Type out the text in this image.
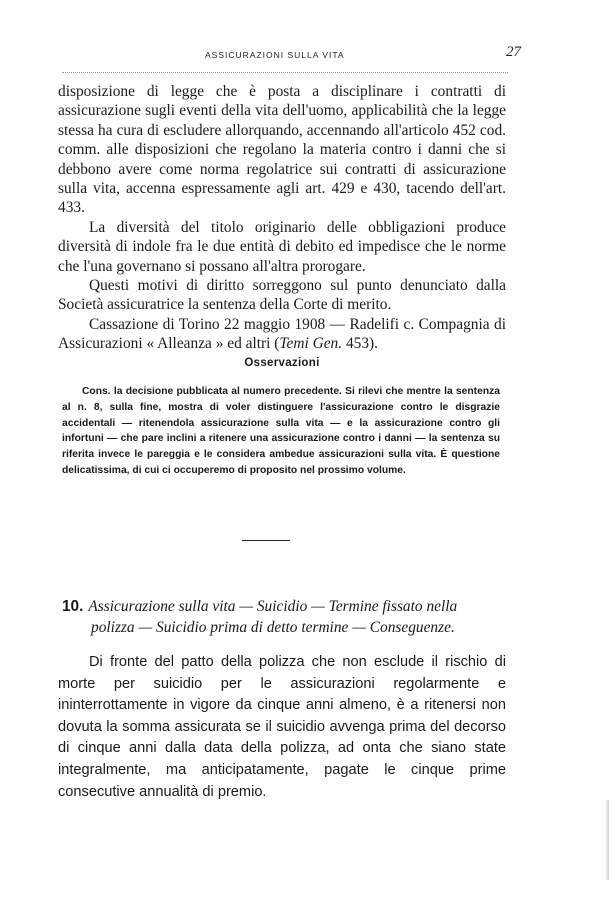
ASSICURAZIONI SULLA VITA	27

disposizione di legge che è posta a disciplinare i contratti di assicurazione sugli eventi della vita dell'uomo, applicabilità che la legge stessa ha cura di escludere allorquando, accennando all'articolo 452 cod. comm. alle disposizioni che regolano la materia contro i danni che si debbono avere come norma regolatrice sui contratti di assicurazione sulla vita, accenna espressamente agli art. 429 e 430, tacendo dell'art. 433.

La diversità del titolo originario delle obbligazioni produce diversità di indole fra le due entità di debito ed impedisce che le norme che l'una governano si possano all'altra prorogare.

Questi motivi di diritto sorreggono sul punto denunciato dalla Società assicuratrice la sentenza della Corte di merito.

Cassazione di Torino 22 maggio 1908 — Radelifi c. Compagnia di Assicurazioni « Alleanza » ed altri (Temi Gen. 453).

Osservazioni
Cons. la decisione pubblicata al numero precedente. Si rilevi che mentre la sentenza al n. 8, sulla fine, mostra di voler distinguere l'assicurazione contro le disgrazie accidentali — ritenendola assicurazione sulla vita — e la assicurazione contro gli infortuni — che pare inclini a ritenere una assicurazione contro i danni — la sentenza su riferita invece le pareggia e le considera ambedue assicurazioni sulla vita. È questione delicatissima, di cui ci occuperemo di proposito nel prossimo volume.
10. Assicurazione sulla vita — Suicidio — Termine fissato nella
polizza — Suicidio prima di detto termine — Conseguenze.
Di fronte del patto della polizza che non esclude il rischio di morte per suicidio per le assicurazioni regolarmente e ininterrottamente in vigore da cinque anni almeno, è a ritenersi non dovuta la somma assicurata se il suicidio avvenga prima del decorso di cinque anni dalla data della polizza, ad onta che siano state integralmente, ma anticipatamente, pagate le cinque prime consecutive annualità di premio.
